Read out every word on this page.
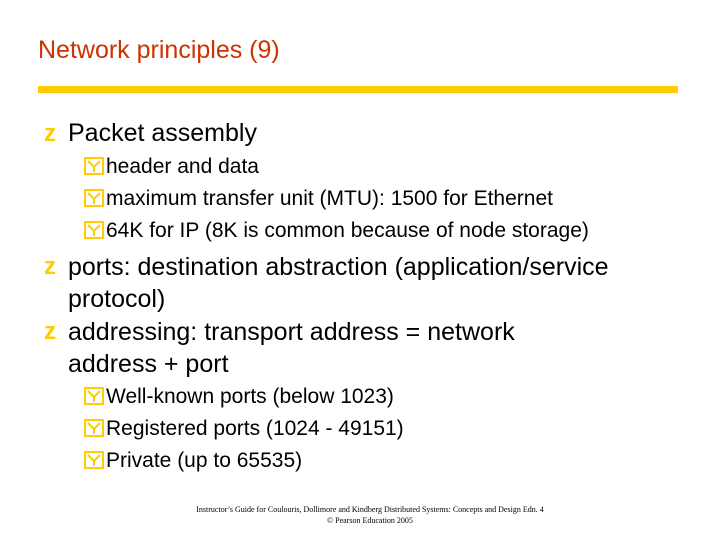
Network principles (9)
z Packet assembly
header and data
maximum transfer unit (MTU): 1500 for Ethernet
64K for IP (8K is common because of node storage)
z ports: destination abstraction (application/service protocol)
z addressing: transport address = network address + port
Well-known ports (below 1023)
Registered ports (1024 - 49151)
Private (up to 65535)
Instructor’s Guide for Coulouris, Dollimore and Kindberg Distributed Systems: Concepts and Design Edn. 4
© Pearson Education 2005
